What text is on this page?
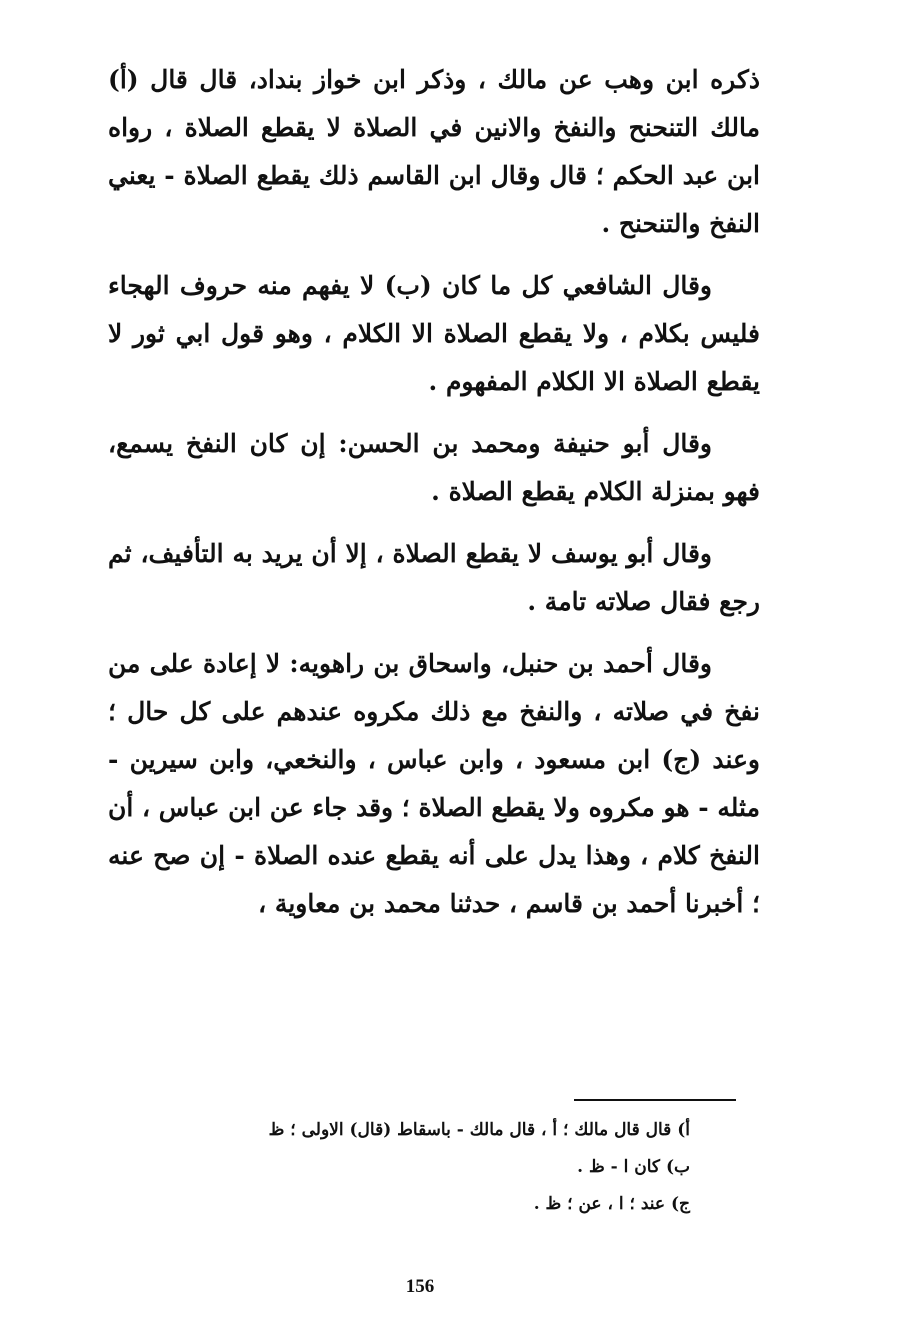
ذكره ابن وهب عن مالك ، وذكر ابن خواز بنداد، قال قال (أ) مالك التنحنح والنفخ والانين في الصلاة لا يقطع الصلاة ، رواه ابن عبد الحكم ؛ قال وقال ابن القاسم ذلك يقطع الصلاة - يعني النفخ والتنحنح .

وقال الشافعي كل ما كان (ب) لا يفهم منه حروف الهجاء فليس بكلام ، ولا يقطع الصلاة الا الكلام ، وهو قول ابي ثور لا يقطع الصلاة الا الكلام المفهوم .

وقال أبو حنيفة ومحمد بن الحسن: إن كان النفخ يسمع، فهو بمنزلة الكلام يقطع الصلاة .

وقال أبو يوسف لا يقطع الصلاة ، إلا أن يريد به التأفيف، ثم رجع فقال صلاته تامة .

وقال أحمد بن حنبل، واسحاق بن راهويه: لا إعادة على من نفخ في صلاته ، والنفخ مع ذلك مكروه عندهم على كل حال ؛ وعند (ج) ابن مسعود ، وابن عباس ، والنخعي، وابن سيرين - مثله - هو مكروه ولا يقطع الصلاة ؛ وقد جاء عن ابن عباس ، أن النفخ كلام ، وهذا يدل على أنه يقطع عنده الصلاة - إن صح عنه ؛ أخبرنا أحمد بن قاسم ، حدثنا محمد بن معاوية ،

أ) قال قال مالك ؛ أ ، قال مالك - باسقاط (قال) الاولى ؛ ظ
ب) كان ا - ظ .
ج) عند ؛ ا ، عن ؛ ظ .
156
